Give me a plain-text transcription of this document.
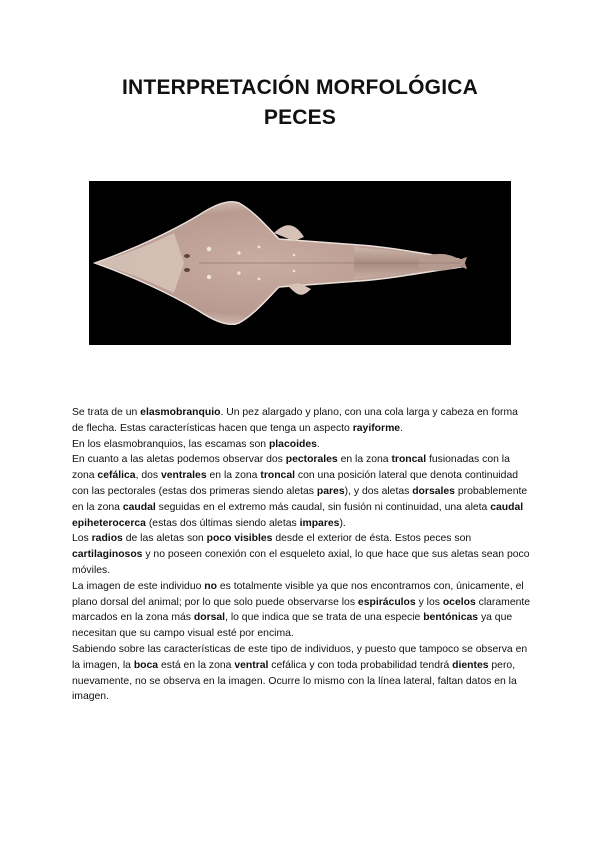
INTERPRETACIÓN MORFOLÓGICA
PECES

Se trata de un elasmobranquio. Un pez alargado y plano, con una cola larga y cabeza en forma de flecha. Estas características hacen que tenga un aspecto rayiforme.

En los elasmobranquios, las escamas son placoides.

En cuanto a las aletas podemos observar dos pectorales en la zona troncal fusionadas con la zona cefálica, dos ventrales en la zona troncal con una posición lateral que denota continuidad con las pectorales (estas dos primeras siendo aletas pares), y dos aletas dorsales probablemente en la zona caudal seguidas en el extremo más caudal, sin fusión ni continuidad, una aleta caudal epiheterocerca (estas dos últimas siendo aletas impares).

Los radios de las aletas son poco visibles desde el exterior de ésta. Estos peces son cartilaginosos y no poseen conexión con el esqueleto axial, lo que hace que sus aletas sean poco móviles.

La imagen de este individuo no es totalmente visible ya que nos encontramos con, únicamente, el plano dorsal del animal; por lo que solo puede observarse los espiráculos y los ocelos claramente marcados en la zona más dorsal, lo que indica que se trata de una especie bentónicas ya que necesitan que su campo visual esté por encima.

Sabiendo sobre las características de este tipo de individuos, y puesto que tampoco se observa en la imagen, la boca está en la zona ventral cefálica y con toda probabilidad tendrá dientes pero, nuevamente, no se observa en la imagen. Ocurre lo mismo con la línea lateral, faltan datos en la imagen.
